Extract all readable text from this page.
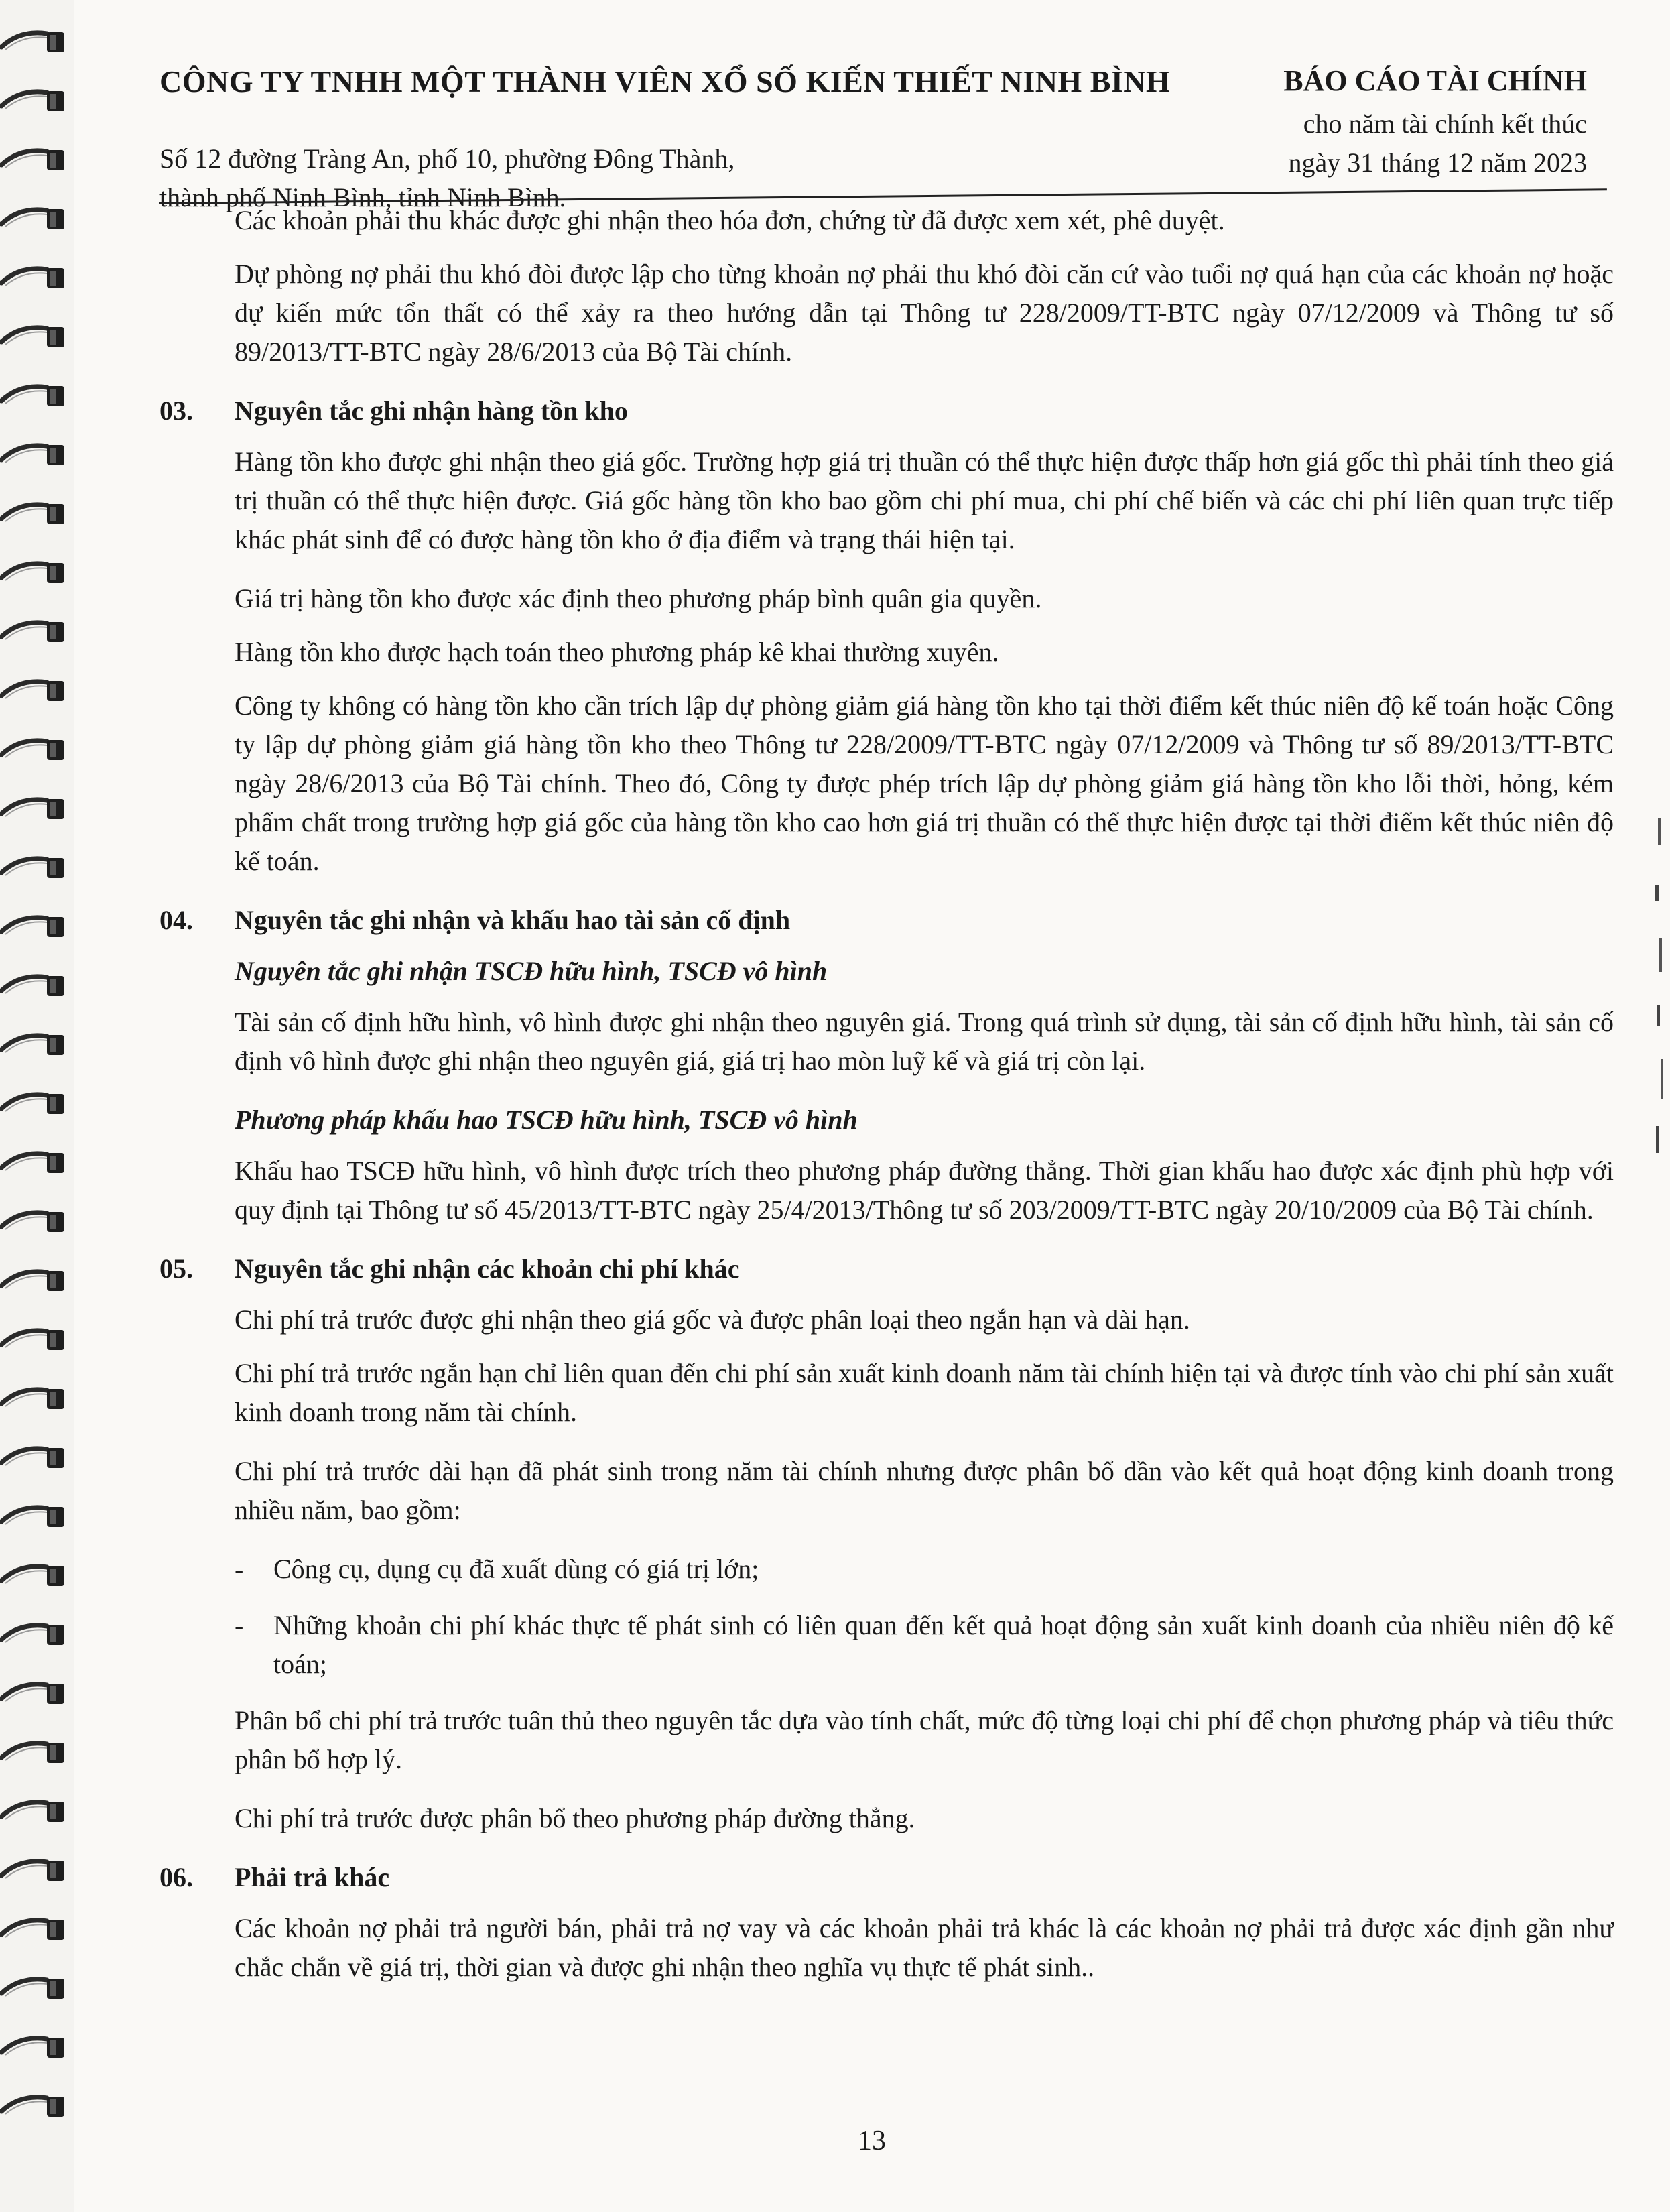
CÔNG TY TNHH MỘT THÀNH VIÊN XỔ SỐ KIẾN THIẾT NINH BÌNH
Số 12 đường Tràng An, phố 10, phường Đông Thành,
thành phố Ninh Bình, tỉnh Ninh Bình.
BÁO CÁO TÀI CHÍNH
cho năm tài chính kết thúc
ngày 31 tháng 12 năm 2023

Các khoản phải thu khác được ghi nhận theo hóa đơn, chứng từ đã được xem xét, phê duyệt.

Dự phòng nợ phải thu khó đòi được lập cho từng khoản nợ phải thu khó đòi căn cứ vào tuổi nợ quá hạn của các khoản nợ hoặc dự kiến mức tổn thất có thể xảy ra theo hướng dẫn tại Thông tư 228/2009/TT-BTC ngày 07/12/2009 và Thông tư số 89/2013/TT-BTC ngày 28/6/2013 của Bộ Tài chính.

03.	Nguyên tắc ghi nhận hàng tồn kho

Hàng tồn kho được ghi nhận theo giá gốc. Trường hợp giá trị thuần có thể thực hiện được thấp hơn giá gốc thì phải tính theo giá trị thuần có thể thực hiện được. Giá gốc hàng tồn kho bao gồm chi phí mua, chi phí chế biến và các chi phí liên quan trực tiếp khác phát sinh để có được hàng tồn kho ở địa điểm và trạng thái hiện tại.

Giá trị hàng tồn kho được xác định theo phương pháp bình quân gia quyền.

Hàng tồn kho được hạch toán theo phương pháp kê khai thường xuyên.

Công ty không có hàng tồn kho cần trích lập dự phòng giảm giá hàng tồn kho tại thời điểm kết thúc niên độ kế toán hoặc Công ty lập dự phòng giảm giá hàng tồn kho theo Thông tư 228/2009/TT-BTC ngày 07/12/2009 và Thông tư số 89/2013/TT-BTC ngày 28/6/2013 của Bộ Tài chính. Theo đó, Công ty được phép trích lập dự phòng giảm giá hàng tồn kho lỗi thời, hỏng, kém phẩm chất trong trường hợp giá gốc của hàng tồn kho cao hơn giá trị thuần có thể thực hiện được tại thời điểm kết thúc niên độ kế toán.

04.	Nguyên tắc ghi nhận và khấu hao tài sản cố định
Nguyên tắc ghi nhận TSCĐ hữu hình, TSCĐ vô hình

Tài sản cố định hữu hình, vô hình được ghi nhận theo nguyên giá. Trong quá trình sử dụng, tài sản cố định hữu hình, tài sản cố định vô hình được ghi nhận theo nguyên giá, giá trị hao mòn luỹ kế và giá trị còn lại.

Phương pháp khấu hao TSCĐ hữu hình, TSCĐ vô hình

Khấu hao TSCĐ hữu hình, vô hình được trích theo phương pháp đường thẳng. Thời gian khấu hao được xác định phù hợp với quy định tại Thông tư số 45/2013/TT-BTC ngày 25/4/2013/Thông tư số 203/2009/TT-BTC ngày 20/10/2009 của Bộ Tài chính.

05.	Nguyên tắc ghi nhận các khoản chi phí khác

Chi phí trả trước được ghi nhận theo giá gốc và được phân loại theo ngắn hạn và dài hạn.

Chi phí trả trước ngắn hạn chỉ liên quan đến chi phí sản xuất kinh doanh năm tài chính hiện tại và được tính vào chi phí sản xuất kinh doanh trong năm tài chính.

Chi phí trả trước dài hạn đã phát sinh trong năm tài chính nhưng được phân bổ dần vào kết quả hoạt động kinh doanh trong nhiều năm, bao gồm:

-	Công cụ, dụng cụ đã xuất dùng có giá trị lớn;
-	Những khoản chi phí khác thực tế phát sinh có liên quan đến kết quả hoạt động sản xuất kinh doanh của nhiều niên độ kế toán;

Phân bổ chi phí trả trước tuân thủ theo nguyên tắc dựa vào tính chất, mức độ từng loại chi phí để chọn phương pháp và tiêu thức phân bổ hợp lý.

Chi phí trả trước được phân bổ theo phương pháp đường thẳng.

06.	Phải trả khác

Các khoản nợ phải trả người bán, phải trả nợ vay và các khoản phải trả khác là các khoản nợ phải trả được xác định gần như chắc chắn về giá trị, thời gian và được ghi nhận theo nghĩa vụ thực tế phát sinh..

13
